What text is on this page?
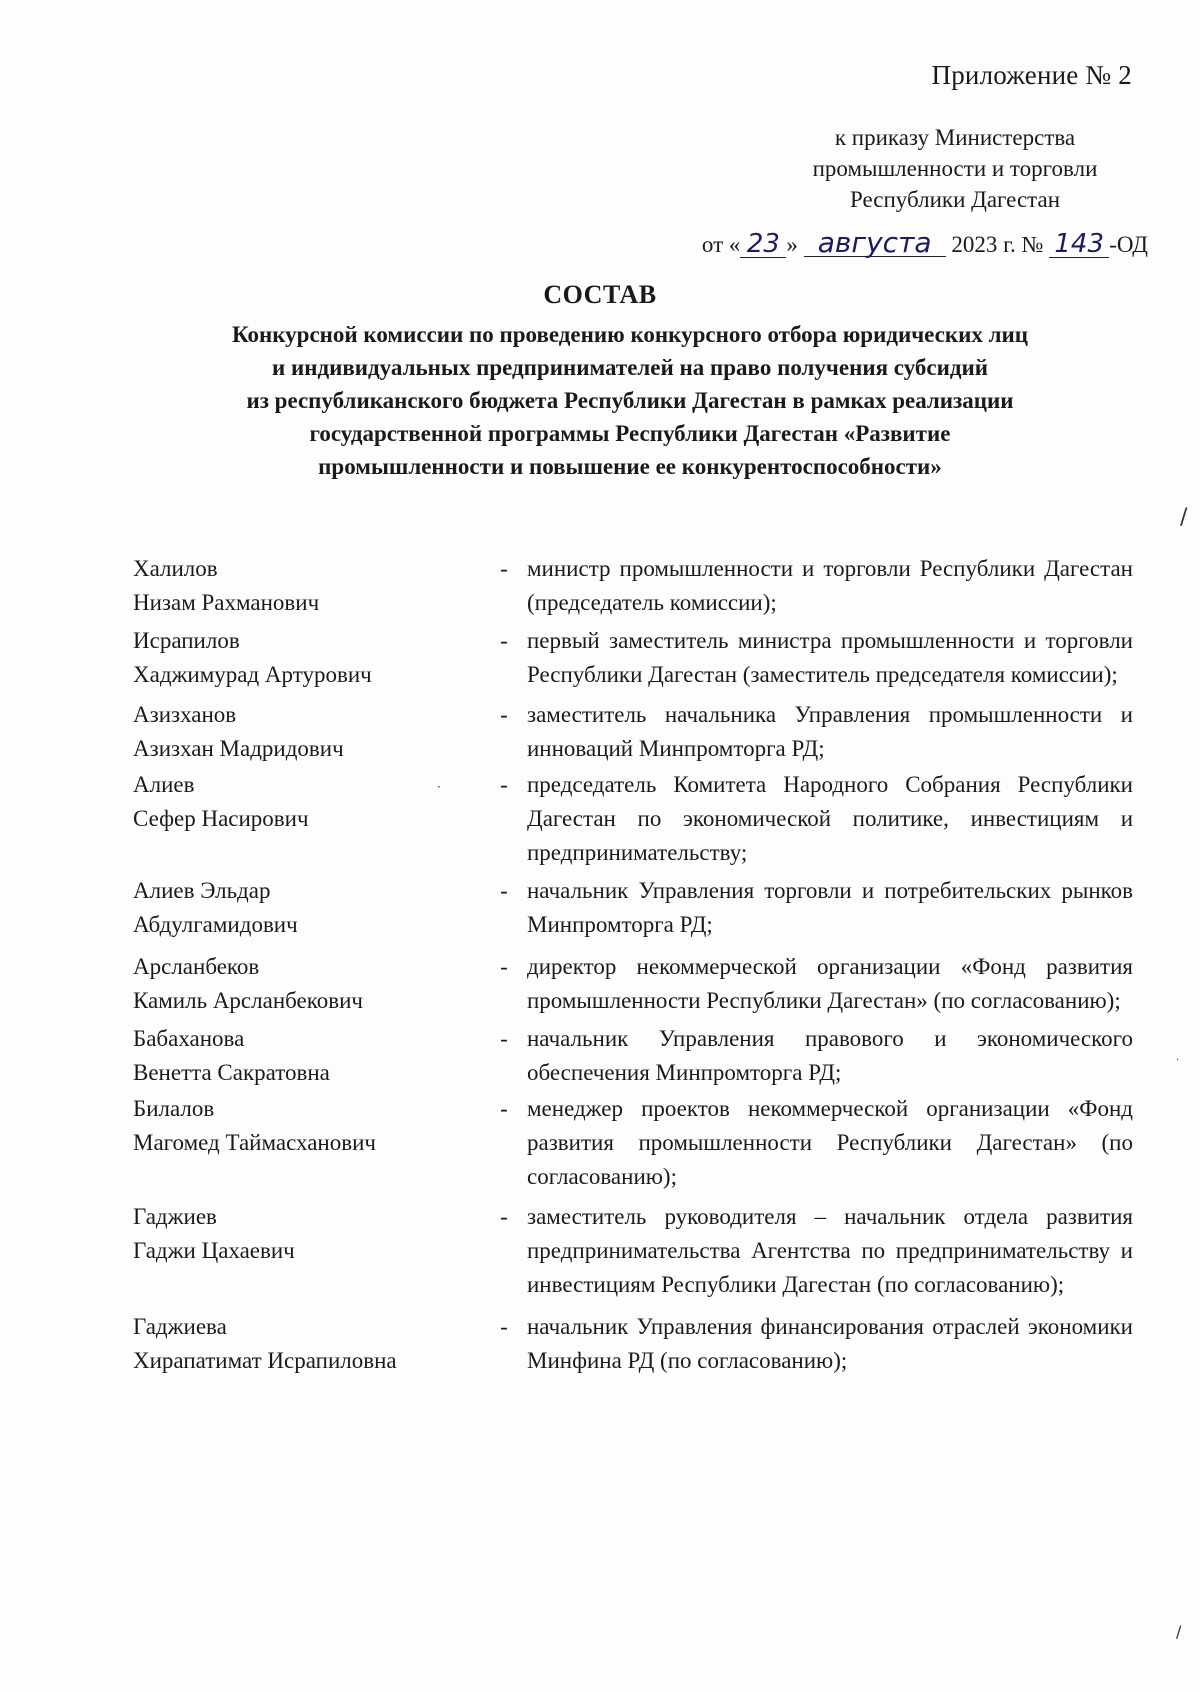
Приложение № 2
к приказу Министерства
промышленности и торговли
Республики Дагестан
от « 23 » августа 2023 г. № 143 -ОД
СОСТАВ
Конкурсной комиссии по проведению конкурсного отбора юридических лиц
и индивидуальных предпринимателей на право получения субсидий
из республиканского бюджета Республики Дагестан в рамках реализации
государственной программы Республики Дагестан «Развитие
промышленности и повышение ее конкурентоспособности»
Халилов
Низам Рахманович
- министр промышленности и торговли Республики Дагестан (председатель комиссии);
Исрапилов
Хаджимурад Артурович
- первый заместитель министра промышленности и торговли Республики Дагестан (заместитель председателя комиссии);
Азизханов
Азизхан Мадридович
- заместитель начальника Управления промышленности и инноваций Минпромторга РД;
Алиев
Сефер Насирович
- председатель Комитета Народного Собрания Республики Дагестан по экономической политике, инвестициям и предпринимательству;
Алиев Эльдар
Абдулгамидович
- начальник Управления торговли и потребительских рынков Минпромторга РД;
Арсланбеков
Камиль Арсланбекович
- директор некоммерческой организации «Фонд развития промышленности Республики Дагестан» (по согласованию);
Бабаханова
Венетта Сакратовна
- начальник Управления правового и экономического обеспечения Минпромторга РД;
Билалов
Магомед Таймасханович
- менеджер проектов некоммерческой организации «Фонд развития промышленности Республики Дагестан» (по согласованию);
Гаджиев
Гаджи Цахаевич
- заместитель руководителя – начальник отдела развития предпринимательства Агентства по предпринимательству и инвестициям Республики Дагестан (по согласованию);
Гаджиева
Хирапатимат Исрапиловна
- начальник Управления финансирования отраслей экономики Минфина РД (по согласованию);
/
/
·
·
